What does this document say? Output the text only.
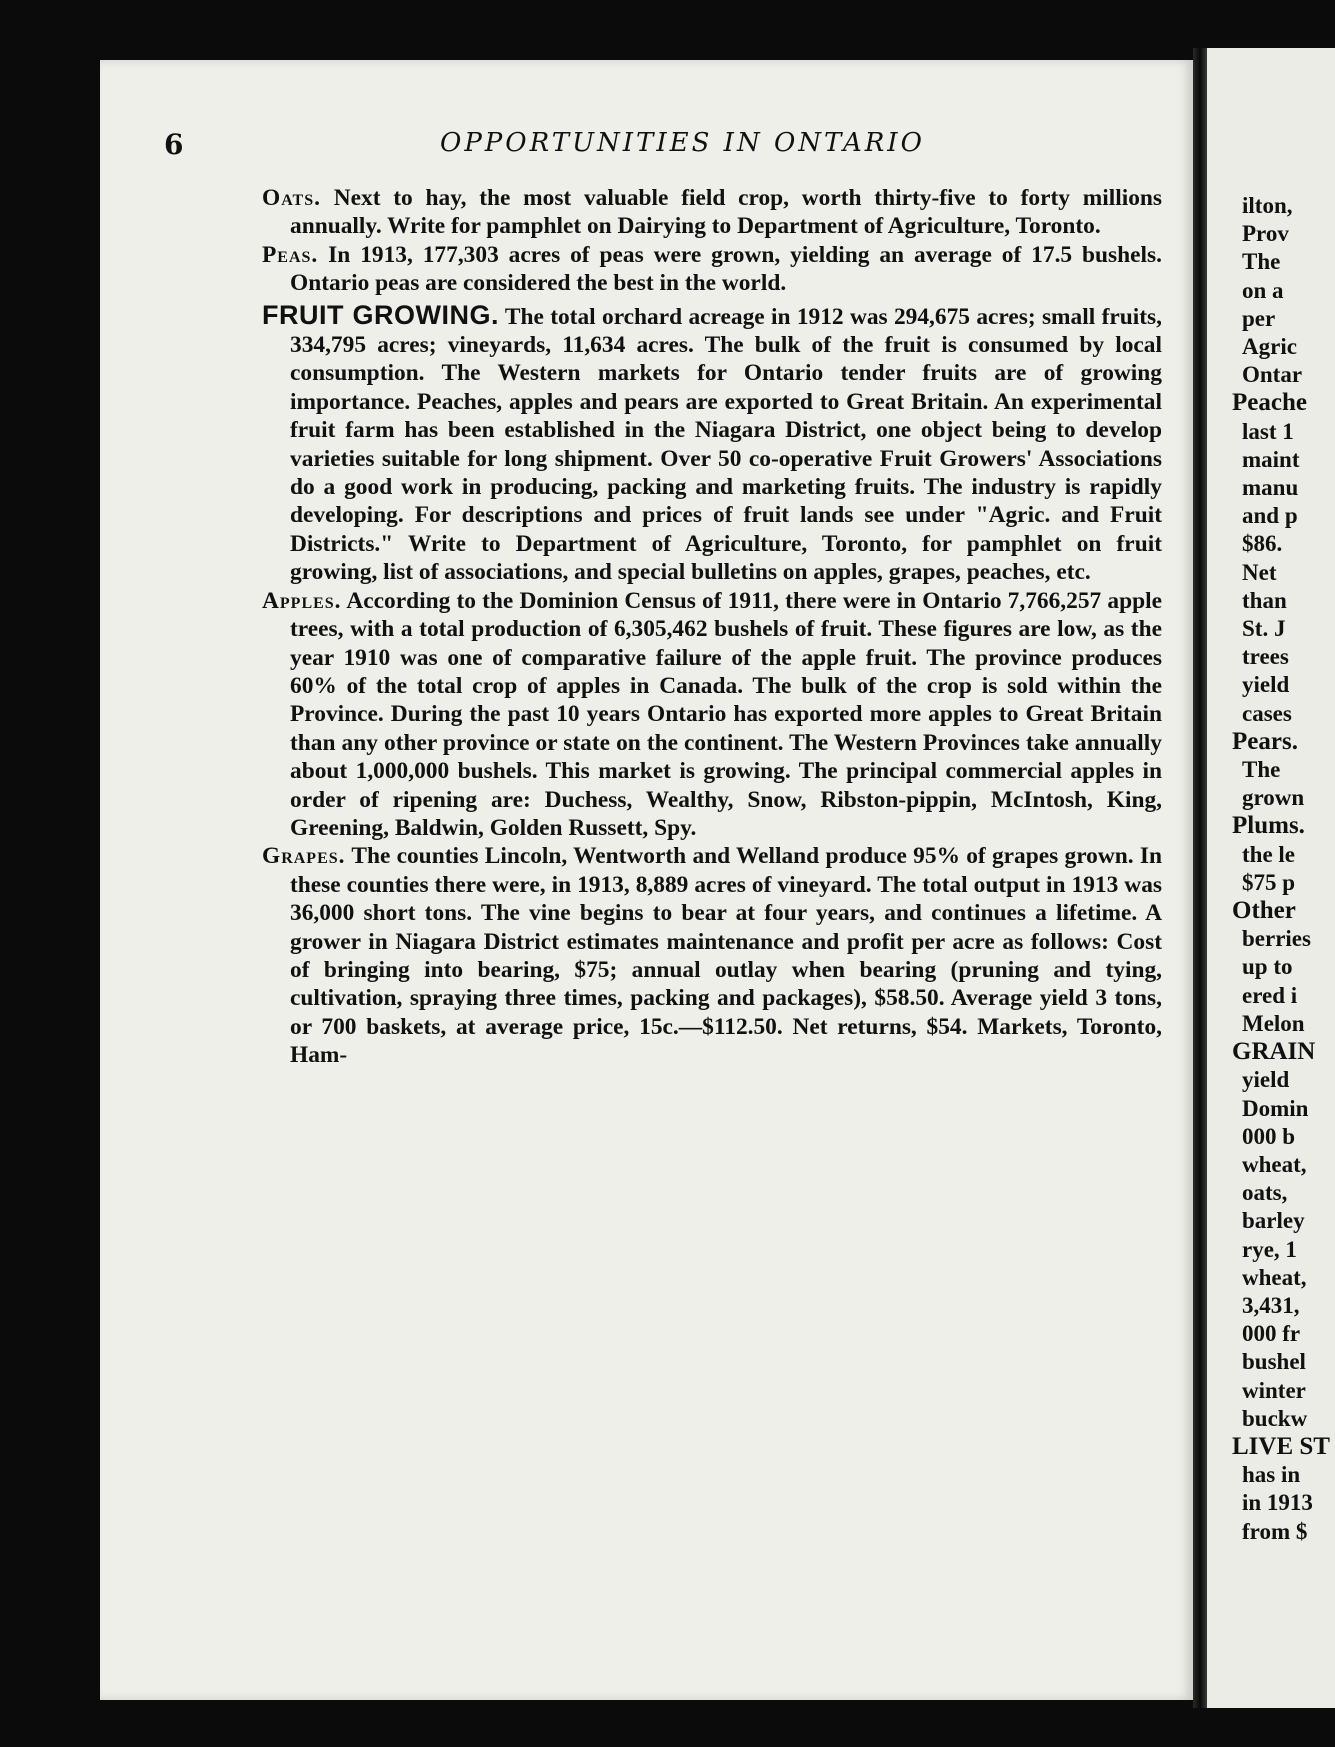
6	OPPORTUNITIES IN ONTARIO

Oats. Next to hay, the most valuable field crop, worth thirty-five to forty millions annually. Write for pamphlet on Dairying to Department of Agriculture, Toronto.

Peas. In 1913, 177,303 acres of peas were grown, yielding an average of 17.5 bushels. Ontario peas are considered the best in the world.

FRUIT GROWING. The total orchard acreage in 1912 was 294,675 acres; small fruits, 334,795 acres; vineyards, 11,634 acres. The bulk of the fruit is consumed by local consumption. The Western markets for Ontario tender fruits are of growing importance. Peaches, apples and pears are exported to Great Britain. An experimental fruit farm has been established in the Niagara District, one object being to develop varieties suitable for long shipment. Over 50 co-operative Fruit Growers' Associations do a good work in producing, packing and marketing fruits. The industry is rapidly developing. For descriptions and prices of fruit lands see under "Agric. and Fruit Districts." Write to Department of Agriculture, Toronto, for pamphlet on fruit growing, list of associations, and special bulletins on apples, grapes, peaches, etc.

Apples. According to the Dominion Census of 1911, there were in Ontario 7,766,257 apple trees, with a total production of 6,305,462 bushels of fruit. These figures are low, as the year 1910 was one of comparative failure of the apple fruit. The province produces 60% of the total crop of apples in Canada. The bulk of the crop is sold within the Province. During the past 10 years Ontario has exported more apples to Great Britain than any other province or state on the continent. The Western Provinces take annually about 1,000,000 bushels. This market is growing. The principal commercial apples in order of ripening are: Duchess, Wealthy, Snow, Ribston-pippin, McIntosh, King, Greening, Baldwin, Golden Russett, Spy.

Grapes. The counties Lincoln, Wentworth and Welland produce 95% of grapes grown. In these counties there were, in 1913, 8,889 acres of vineyard. The total output in 1913 was 36,000 short tons. The vine begins to bear at four years, and continues a lifetime. A grower in Niagara District estimates maintenance and profit per acre as follows: Cost of bringing into bearing, $75; annual outlay when bearing (pruning and tying, cultivation, spraying three times, packing and packages), $58.50. Average yield 3 tons, or 700 baskets, at average price, 15c.—$112.50. Net returns, $54. Markets, Toronto, Ham-

ilton,
Prov
The
on a
per
Agric
Ontar
Peache
last 1
maint
manu
and p
$86.
Net
than
St. J
trees
yield
cases
Pears.
The
grown
Plums.
the le
$75 p
Other
berries
up to
ered i
Melon
GRAIN
yield
Domin
000 b
wheat,
oats,
barley
rye, 1
wheat,
3,431,
000 fr
bushel
winter
buckw
LIVE ST
has in
in 1913
from $
